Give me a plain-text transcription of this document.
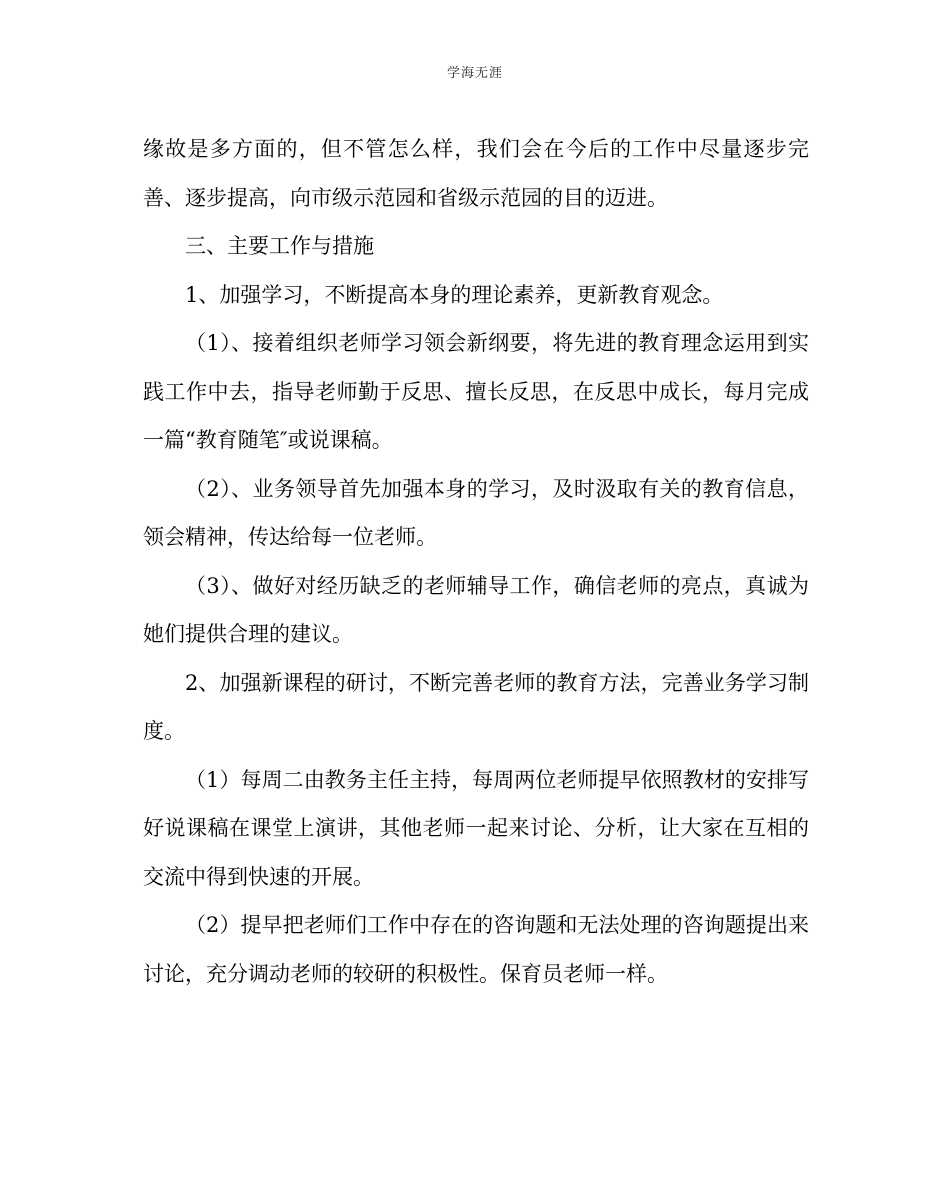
学海无涯

缘故是多方面的，但不管怎么样，我们会在今后的工作中尽量逐步完善、逐步提高，向市级示范园和省级示范园的目的迈进。

三、主要工作与措施

1、加强学习，不断提高本身的理论素养，更新教育观念。

（1）、接着组织老师学习领会新纲要，将先进的教育理念运用到实践工作中去，指导老师勤于反思、擅长反思，在反思中成长，每月完成一篇“教育随笔″或说课稿。

（2）、业务领导首先加强本身的学习，及时汲取有关的教育信息，领会精神，传达给每一位老师。

（3）、做好对经历缺乏的老师辅导工作，确信老师的亮点，真诚为她们提供合理的建议。

2、加强新课程的研讨，不断完善老师的教育方法，完善业务学习制度。

（1）每周二由教务主任主持，每周两位老师提早依照教材的安排写好说课稿在课堂上演讲，其他老师一起来讨论、分析，让大家在互相的交流中得到快速的开展。

（2）提早把老师们工作中存在的咨询题和无法处理的咨询题提出来讨论，充分调动老师的较研的积极性。保育员老师一样。
